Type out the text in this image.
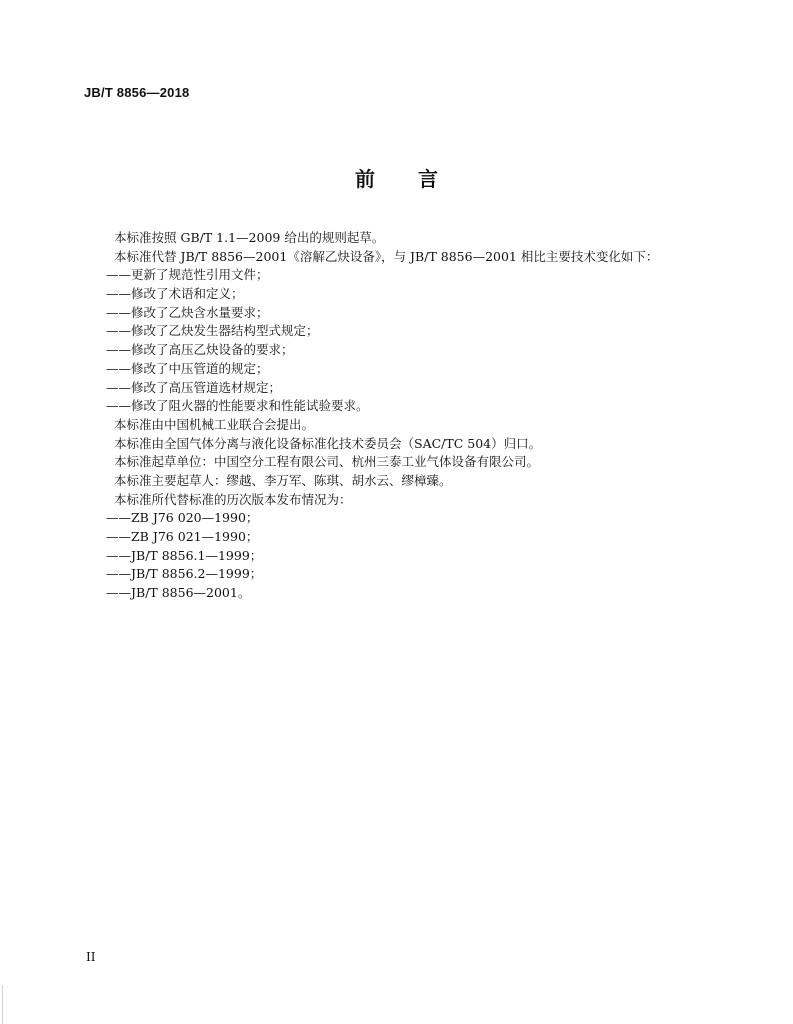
JB/T 8856—2018
前 言
本标准按照 GB/T 1.1—2009 给出的规则起草。
本标准代替 JB/T 8856—2001《溶解乙炔设备》，与 JB/T 8856—2001 相比主要技术变化如下：
——更新了规范性引用文件；
——修改了术语和定义；
——修改了乙炔含水量要求；
——修改了乙炔发生器结构型式规定；
——修改了高压乙炔设备的要求；
——修改了中压管道的规定；
——修改了高压管道选材规定；
——修改了阻火器的性能要求和性能试验要求。
本标准由中国机械工业联合会提出。
本标准由全国气体分离与液化设备标准化技术委员会（SAC/TC 504）归口。
本标准起草单位：中国空分工程有限公司、杭州三泰工业气体设备有限公司。
本标准主要起草人：缪越、李万军、陈琪、胡水云、缪樟臻。
本标准所代替标准的历次版本发布情况为：
——ZB J76 020—1990；
——ZB J76 021—1990；
——JB/T 8856.1—1999；
——JB/T 8856.2—1999；
——JB/T 8856—2001。
II
